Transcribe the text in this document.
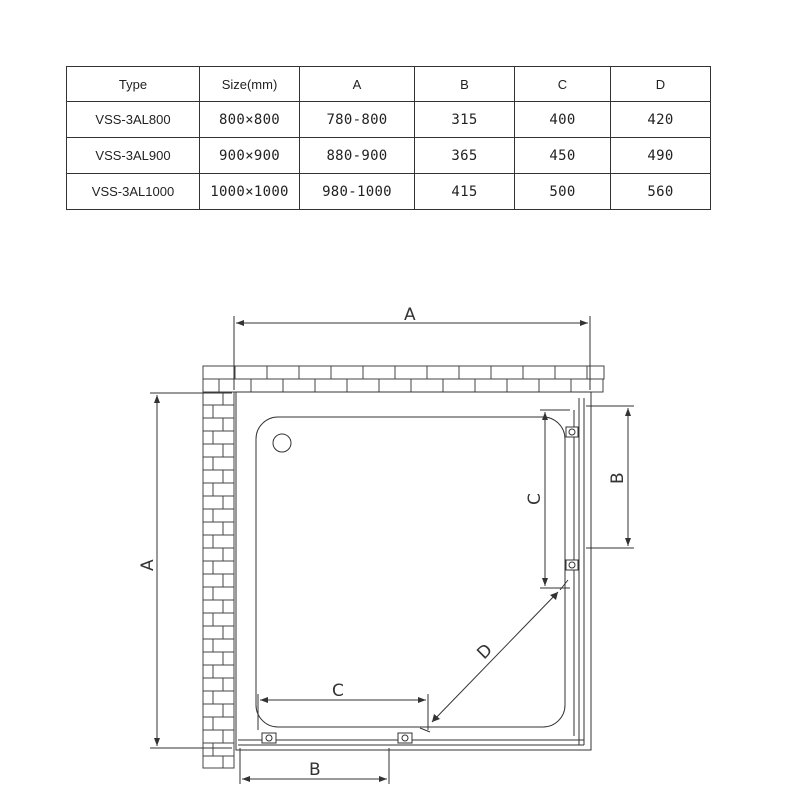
Type	Size(mm)	A	B	C	D
VSS-3AL800	800×800	780-800	315	400	420
VSS-3AL900	900×900	880-900	365	450	490
VSS-3AL1000	1000×1000	980-1000	415	500	560
A
A
B
C
C
B
D
